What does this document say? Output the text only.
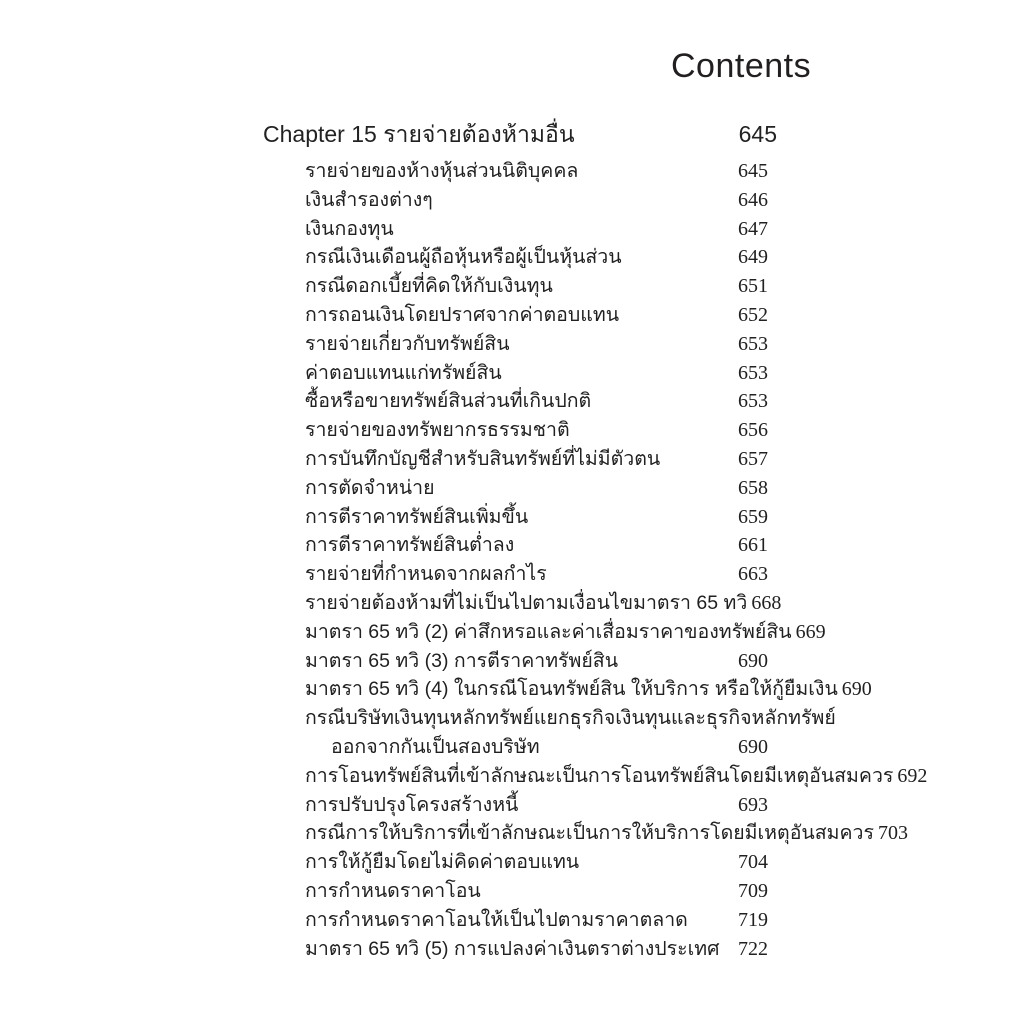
Contents
Chapter 15 รายจ่ายต้องห้ามอื่น	645
รายจ่ายของห้างหุ้นส่วนนิติบุคคล	645
เงินสำรองต่างๆ	646
เงินกองทุน	647
กรณีเงินเดือนผู้ถือหุ้นหรือผู้เป็นหุ้นส่วน	649
กรณีดอกเบี้ยที่คิดให้กับเงินทุน	651
การถอนเงินโดยปราศจากค่าตอบแทน	652
รายจ่ายเกี่ยวกับทรัพย์สิน	653
ค่าตอบแทนแก่ทรัพย์สิน	653
ซื้อหรือขายทรัพย์สินส่วนที่เกินปกติ	653
รายจ่ายของทรัพยากรธรรมชาติ	656
การบันทึกบัญชีสำหรับสินทรัพย์ที่ไม่มีตัวตน	657
การตัดจำหน่าย	658
การตีราคาทรัพย์สินเพิ่มขึ้น	659
การตีราคาทรัพย์สินต่ำลง	661
รายจ่ายที่กำหนดจากผลกำไร	663
รายจ่ายต้องห้ามที่ไม่เป็นไปตามเงื่อนไขมาตรา 65 ทวิ 668
มาตรา 65 ทวิ (2) ค่าสึกหรอและค่าเสื่อมราคาของทรัพย์สิน 669
มาตรา 65 ทวิ (3) การตีราคาทรัพย์สิน	690
มาตรา 65 ทวิ (4) ในกรณีโอนทรัพย์สิน ให้บริการ หรือให้กู้ยืมเงิน 690
กรณีบริษัทเงินทุนหลักทรัพย์แยกธุรกิจเงินทุนและธุรกิจหลักทรัพย์
ออกจากกันเป็นสองบริษัท	690
การโอนทรัพย์สินที่เข้าลักษณะเป็นการโอนทรัพย์สินโดยมีเหตุอันสมควร 692
การปรับปรุงโครงสร้างหนี้	693
กรณีการให้บริการที่เข้าลักษณะเป็นการให้บริการโดยมีเหตุอันสมควร 703
การให้กู้ยืมโดยไม่คิดค่าตอบแทน	704
การกำหนดราคาโอน	709
การกำหนดราคาโอนให้เป็นไปตามราคาตลาด	719
มาตรา 65 ทวิ (5) การแปลงค่าเงินตราต่างประเทศ 722
